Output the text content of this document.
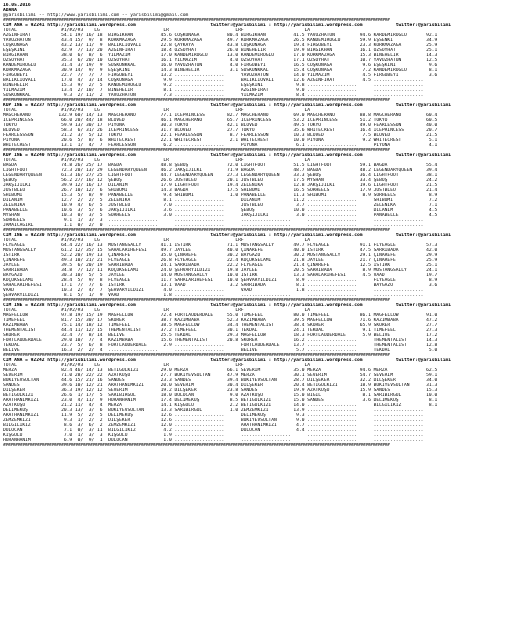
16.05.2016
ADANA
@yarisbilimi -- http://www.yarisbilimi.com -- yarisbilimi@gmail.com
################################################################################################################################################################
CIM ANA = 92241 http://yarisbilimi.wordpress.com                           twitter:@yarisbilimi : http://yarisbilimi.wordpress.com            twitter:@yarisbilimi
TOTAL                #1/#2/#3    LG                       LR                        LRF                      LA
AZGINFIRAT           54.1 19/ 16/ 18  BIRGIKHAN          45.6 COŞKUNAĞA          80.4 BIRGIKHAN          41.5 YAVUZHATUN         94.6 KARDEMİROĞLU       92.1
YAVUZHATUN           43.4 15/  9/  8  KORKMAZAĞA         29.5 KORKMAZAĞA         49.7 KORKMAZAĞA         26.5 KANDEMİROĞLU       59.9 EŞSENKİ            34.9
COŞKUNAĞA            43.2 13/ 11/  9  BALIKLIOVALI       22.8 ÇAYKAYA            43.8 COŞKUNAĞA          19.4 FIRGÜBEYİ          23.3 KORKMAZAĞA         25.9
EŞEŞKİNİ             42.9  7/ 13/ 20  AZGINFIRAT         18.4 ÖZSOYHAT           26.0 BİNEHELİR          19.9 BİRGİKHAN          16.1 ÖZSOYHAT           25.1
BIRGIKHAN            38.0  6/  8/  6  YILMAZIM           17.0 KANDEMİROĞLU       13.0 KANDEMİROĞLU       17.0 KORKMAZAĞA         15.3 BİNEHELİR          14.3
ÖZSOYHAT             35.3  6/ 20/ 10  ÖZSOYHAT           16.1 YILMAZIM            4.0 ÖZSOYHAT           17.1 ÖZSOYHAT           10.7 YAVUZHATUN         12.5
KANDEMİROĞLU         31.4  3/ 19/  9  SUSKUNKKAL         16.0 YAVUZHATUN          4.0 FIRGÜBEYİ          16.5 COŞKUNAĞA           9.6 EŞEŞKİNİ            9.6
KORKMAZAĞA           30.9 14/  9/  9  EŞEŞKİNİ           14.3 BİNEHELİR           3.1 SUSKUNKKAL         15.4 COŞKUNAĞA           7.2 KANDEMİROĞLU        8.1
FIRGÜBEYİ            22.7  7/  7/  7  FIRGÜBEYİ          13.2 ..................      YAVUZHATUN         14.0 YILMAZIM            4.5 FIRGÜBEYİ           3.6
BALIKLIOVALI         17.0  4/  3/ 14  COŞKUNAĞA           9.9 ..................      BALIKLIOVALI       12.6 AZGINFIRAT          4.5 ..................
BİNEHELİR            15.3  9/  2/  5  KANDEMİROĞLU        9.2 ..................      EŞEŞKİNİ            9.8 ..................      ..................
YILMAZIM             13.4  2/ 10/  7  BİNEHELİR           8.1 ..................      AZGINFIRAT          9.0 ..................      ..................
SUSKUNKKAL            9.3  2/ 11/  2  YAVUZHATUN          7.3 ..................      YILMAZIM            8.4 ..................      ..................
################################################################################################################################################################
KUP INE = 92237 http://yarisbilimi.wordpress.com                           twitter:@yarisbilimi : http://yarisbilimi.wordpress.com            twitter:@yarisbilimi
TOTAL                #1/#2/#3    LG                       LR                        LRF                      LA
MAGCHERANO          132.9 60/ 14/ 13  MAGCHERANO         77.1 İCEPRINCESS        82.7 MAGCHERANO         69.0 MAGCHERANO         88.8 MAGCHERANO         60.4
İCEPRINCESS          66.0 20/ 44/ 18  BLOVED             46.1 MAGCHERANO         65.7 İCEPRINCESS        53.2 İCEPRINCESS        51.2 TOKYO              60.5
TOKYO                59.9 13/ 30/ 17  PİYONA             30.3 TOKYO              42.1 BLOVED             49.5 TOKYO              49.0 FEARLESSON         40.0
BLOVED               58.3  6/ 31/ 26  İCEPRINCESS        31.7 BLOVED             27.7 TOKYO              35.6 WHITECREST         16.4 İCEPRINCESS        20.7
FEARLESSSON          21.2  3/  5/ 12  TOKYO              22.1 FEARLESSON          8.7 FEARLESSON         10.3 BLOVED              7.5 BLOVED             21.5
PİYONA               20.6  5/  8/  6  WHITECREST         22.1 WHITECREST          2.1 WHITECREST         10.0 PİYONA              9.2 WHITECREST          5.1
WHITECREST           13.1  1/  4/  7  FEARLESSON          6.2 ..................      PİYONA              6.1 ..................      PİYONA              4.1
################################################################################################################################################################
KUP INE = 92240 http://yarisbilimi.wordpress.com                           twitter:@yarisbilimi : http://yarisbilimi.wordpress.com            twitter:@yarisbilimi
TOTAL                #1/#2/#3    LG                       LR                        LRF                      LA
BAĞDA                74.8 26/ 25/ 17  BAĞDA              48.8 ŞEBOŞ              72.0 LIGHTFOOT          51.5 LIGHTFOOT          59.1 BAĞDA              55.4
LIGHTFOOT            72.3 20/ 13/ 29  LEGENDARYQUEEN     46.2 JAKŞIJILKI         71.9 BAĞDA              48.7 BAĞDA              48.2 LEGENDARYQUEEN     39.4
LEGENDARYQUEEN       61.3 16/ 27/ 25  LIGHTFOOT          44.7 LEGENDARYQUEEN     27.3 LEGENDARYQUEEN     33.3 ŞEBOŞ              36.4 LIGHTFOOT          38.1
ŞEBOŞ                56.2 27/ 16/ 12  ŞEBOŞ              26.6 JUSTBLEU           20.1 JUSTBLEU           17.5 MYSHAN             33.4 ŞEBOŞ              24.2
JAKŞIJILKI           39.9 12/ 16/ 17  DİLANIM            17.9 LIGHTFOOT          19.4 ZELENİKA           12.8 JAKŞIJILKI         19.6 LIGHTFOOT          21.5
JUSTBLEU             26.7 10/ 12/  6  SHIBUMI            14.3 BAĞDA              17.5 SHIBUMI            16.5 SORHEELS           17.9 JUSTBLEU           21.4
SHIBUMI              15.3  5/  8/  9  PANABELLE           9.4 SHIBUMI             1.0 PANABELLE          11.3 SHIBUMI             8.9 SORHEELS            8.9
DİLANIM              12.7  2/  2/  5  ZELENİKA            8.1 ..................      DİLANIM            11.2 ..................      SHIBUMI             7.2
ZELENİKA             10.9  4/  6/  5  JUSTBLEU            7.0 ..................      JUSTBLEU            3.7 ..................      ZELENİKA            7.1
PANABELLE            10.6  3/  5/  6  JAKŞIJILKI          3.6 ..................      ŞEBOŞ              10.0 ..................      DİLANIM             4.5
MYSHAN               10.3  0/  3/  5  SORHEELS            3.0 ..................      JAKŞIJILKI          3.0 ..................      PANABELLE           4.5
SORHEELS              9.1  1/  3/  3  ..................      ..................      ..................      ..................      ..................
JAMAICAGIRL           1.1  0/  2/  0  ..................      ..................      ..................      ..................      ..................
################################################################################################################################################################
CIM INE = 92230 http://yarisbilimi.wordpress.com                           twitter:@yarisbilimi : http://yarisbilimi.wordpress.com            twitter:@yarisbilimi
TOTAL                #1/#2/#3    LG                       LR                        LRF                      LA
FLYEAGLE             64.4 22/ 16/ 13  MUSTANGSALLY       41.1 İSTİRK             71.1 MUSTANGSALLY       49.7 FLYEAGLE           91.1 FLYEAGLE           57.3
MUSTANGSALLY         61.2 12/ 35/ 15  SAHALARIHEFESİ     49.7 JAYLEE             40.0 ÇINAREFE           40.0 İSTİRK             47.5 SARRIBADA          42.0
İSTİRK               52.2 20/ 19/ 13  ÇINAREFE           35.0 ÇINAREFE           30.2 BAYGAZO            30.2 MUSTANGSALLY       29.1 ÇINAREFE           29.9
ÇINAREFE             49.3 10/ 21/ 21  FLYEAGLE           26.8 FLYEAGLE           22.4 KOÇUKSELAMİ        21.8 JAYLEE             21.7 ÇINAREFE           25.9
JAYLEE               39.5  6/ 20/ 19  SARRIBADA          24.1 SARRIBADA          22.2 FLYEAGLE           21.4 ÇINAREFE           12.5 İSTİRK             25.1
SARRIBADA            34.8  7/ 12/ 11  KOÇUKSELAMİ        24.0 ŞEHVARYILDIZI      19.8 JAYLEE             20.5 SARRIBADA           8.9 MUSTANGSALLY       24.1
BAYGAZO              30.3 10/  5/  5  JAYLEE             14.0 MUSTANGSALLY       10.0 İSTİRK             13.3 SAHALARIHEFESİ      4.5 VAAD               19.7
KOÇUKSELAMİ          28.4  5/  9/  8  FLYEAGLE           11.7 SAHALARIHEFESİ     10.0 ŞEHVARYILDIZI       8.9 ..................      FLYEAGLE            8.9
SAHALARIHEFESİ       17.1  7/  7/  6  İSTİRK             13.1 VAAD                3.2 SARRIBADA           8.1 ..................      BAYGAZO             3.6
VAAD                 10.3  2/  4/  7  ŞEHVARYILDIZI       4.0 ..................      VAAD                1.8 ..................      ..................
ŞEHVARYILDIZI         8.1  5/  1/  9  VAAD                1.8 ..................      ..................      ..................      ..................
################################################################################################################################################################
CIM INE = 92238 http://yarisbilimi.wordpress.com                           twitter:@yarisbilimi : http://yarisbilimi.wordpress.com            twitter:@yarisbilimi
TOTAL                #1/#2/#3    LG                       LR                        LRF                      LA
MAGFELLOW            97.8 19/ 15/ 19  MAGFELLOW          72.4 FORTLAUDERDALE     55.0 TIMEFEEL           80.0 TIMEFEEL           86.1 MAGFELLOW          91.0
TIMEFEEL             81.7 15/ 30/ 17  SKORER             38.7 KAZIMBABA          52.3 KAZIMBABA          39.5 MAGFELLOW          71.6 KAZIMBABA          47.2
KAZIMBABA            75.1 14/ 18/ 12  TIMEFEEL           38.5 MAGFELLOW          34.4 THEMENTALIST       38.4 SKORER             65.9 SKORER             27.7
THEMENTALIST         44.4 11/ 12/ 15  THEMENTALIST       37.2 TIMEFEEL           30.1 TEKDAL             24.1 TEKDAL              9.1 TIMEFEEL           27.3
SKORER               32.4  7/  8/ 14  BELIVE             25.5 TEKDAL             29.3 MAGFELLOW          18.3 FORTLAUDERDALE      5.9 BELIVE             17.2
FORTLAUDERDALE       29.0 10/  7/  4  KAZIMBABA          15.6 THEMENTALIST       20.8 SKORER             16.2 ..................      THEMENTALIST       14.3
TEKDAL               23.7  5/  6/  8  FORTLAUDERDALE      2.9 ..................      FORTLAUDERDALE     13.7 ..................      THEMENTALIST       12.8
BELIVE               16.3  2/  2/  4  ..................      ..................      BELIVE              5.7 ..................      TEKDAL              5.0
################################################################################################################################################################
CIM ANA = 92242 http://yarisbilimi.wordpress.com                           twitter:@yarisbilimi : http://yarisbilimi.wordpress.com            twitter:@yarisbilimi
TOTAL                #1/#2/#3    LG                       LR                        LRF                      LA
MERZA                82.4 46/ 14/ 13  BETİGÜLKIZI        29.0 MERZA              66.1 SEVERİM            35.0 MERZA              94.6 MERZA              62.5
SEVERİM              71.0 28/ 22/ 22  AZATKUŞU           27.7 BUKİYEVSULTAN      47.9 MERZA              30.1 SEVERİM            54.7 SEVERİM            59.1
BUKİYEVSULTAN        44.6 15/ 21/ 16  SANDES             23.3 SANDES             39.4 BUKİYEVSULTAN      28.7 DİLŞEKER           32.2 DİLŞEKER           34.0
SANDES               39.6 10/ 12/ 21  ARATHANİMKIZI      20.0 SEVERİM            30.4 DİLŞEKER           20.4 BETİGÜLKIZI        18.9 BUKİYEVSULTAN      31.3
DİLŞEKER             36.3 19/ 12/ 12  SEVERİM            19.2 DİLŞEKER           23.8 SANDES             19.9 AZATKUŞU           15.9 SANDES             15.3
BETİGÜLKIZI          26.6  1/ 17/  5  SARIBİRGUL         18.0 DULOCAN             9.0 AZATKUŞU           15.0 BİGIL               8.1 SARIBİRGUL         10.0
ARATHANİMKIZI        23.0  4/ 11/  9  HURANHANIM         17.4 DELİMEKUŞ           8.5 BETİGÜLKIZI        15.0 SANDES              3.6 DELİMEKUŞ           8.1
AZATKUŞU             21.2 11/  4/  4  MERZA              14.1 KIŞGÜLÜ             2.2 BETİGÜLKIZI        14.0 ..................      BİLGİLİKIZ          8.1
DELİMEKUŞ            20.3 13/  3/  6  BUKİYEVSULTAN      13.3 SARIBİRGUL          1.0 ZEMZEMKIZI         13.9 ..................      ..................
ARATHANİMKIZI        11.9  5/  2/  5  DELİMEKUŞ          12.6 ..................      DELİMEKUŞ           9.3 ..................      ..................
ZEMZEMKIZI            9.3  1/  2/  2  DİLŞEKER           12.6 ..................      BUKİYEVSULTAN       9.0 ..................      ..................
BİLGİLİKIZ            8.6  3/  6/  2  ZEMZEMKIZI         12.0 ..................      ARATHANİMKIZI       4.7 ..................      ..................
DULOCAN               7.1  0/  3/ 11  BİLGİLİKIZ          4.2 ..................      DULOCAN             4.4 ..................      ..................
KIŞGÜLÜ               7.0  1/  3/  3  KIŞGÜLÜ             1.9 ..................      ..................      ..................      ..................
HURANHANIM            6.9  0/  9/  1  DULOCAN             1.0 ..................      ..................      ..................      ..................
################################################################################################################################################################
